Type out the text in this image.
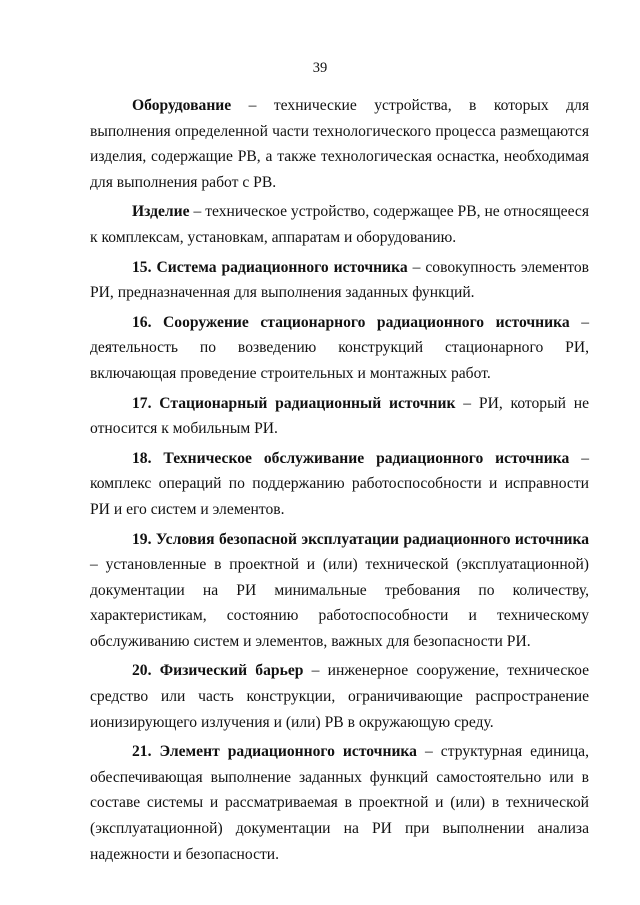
39

Оборудование – технические устройства, в которых для выполнения определенной части технологического процесса размещаются изделия, содержащие РВ, а также технологическая оснастка, необходимая для выполнения работ с РВ.

Изделие – техническое устройство, содержащее РВ, не относящееся к комплексам, установкам, аппаратам и оборудованию.

15. Система радиационного источника – совокупность элементов РИ, предназначенная для выполнения заданных функций.

16. Сооружение стационарного радиационного источника – деятельность по возведению конструкций стационарного РИ, включающая проведение строительных и монтажных работ.

17. Стационарный радиационный источник – РИ, который не относится к мобильным РИ.

18. Техническое обслуживание радиационного источника – комплекс операций по поддержанию работоспособности и исправности РИ и его систем и элементов.

19. Условия безопасной эксплуатации радиационного источника – установленные в проектной и (или) технической (эксплуатационной) документации на РИ минимальные требования по количеству, характеристикам, состоянию работоспособности и техническому обслуживанию систем и элементов, важных для безопасности РИ.

20. Физический барьер – инженерное сооружение, техническое средство или часть конструкции, ограничивающие распространение ионизирующего излучения и (или) РВ в окружающую среду.

21. Элемент радиационного источника – структурная единица, обеспечивающая выполнение заданных функций самостоятельно или в составе системы и рассматриваемая в проектной и (или) в технической (эксплуатационной) документации на РИ при выполнении анализа надежности и безопасности.
